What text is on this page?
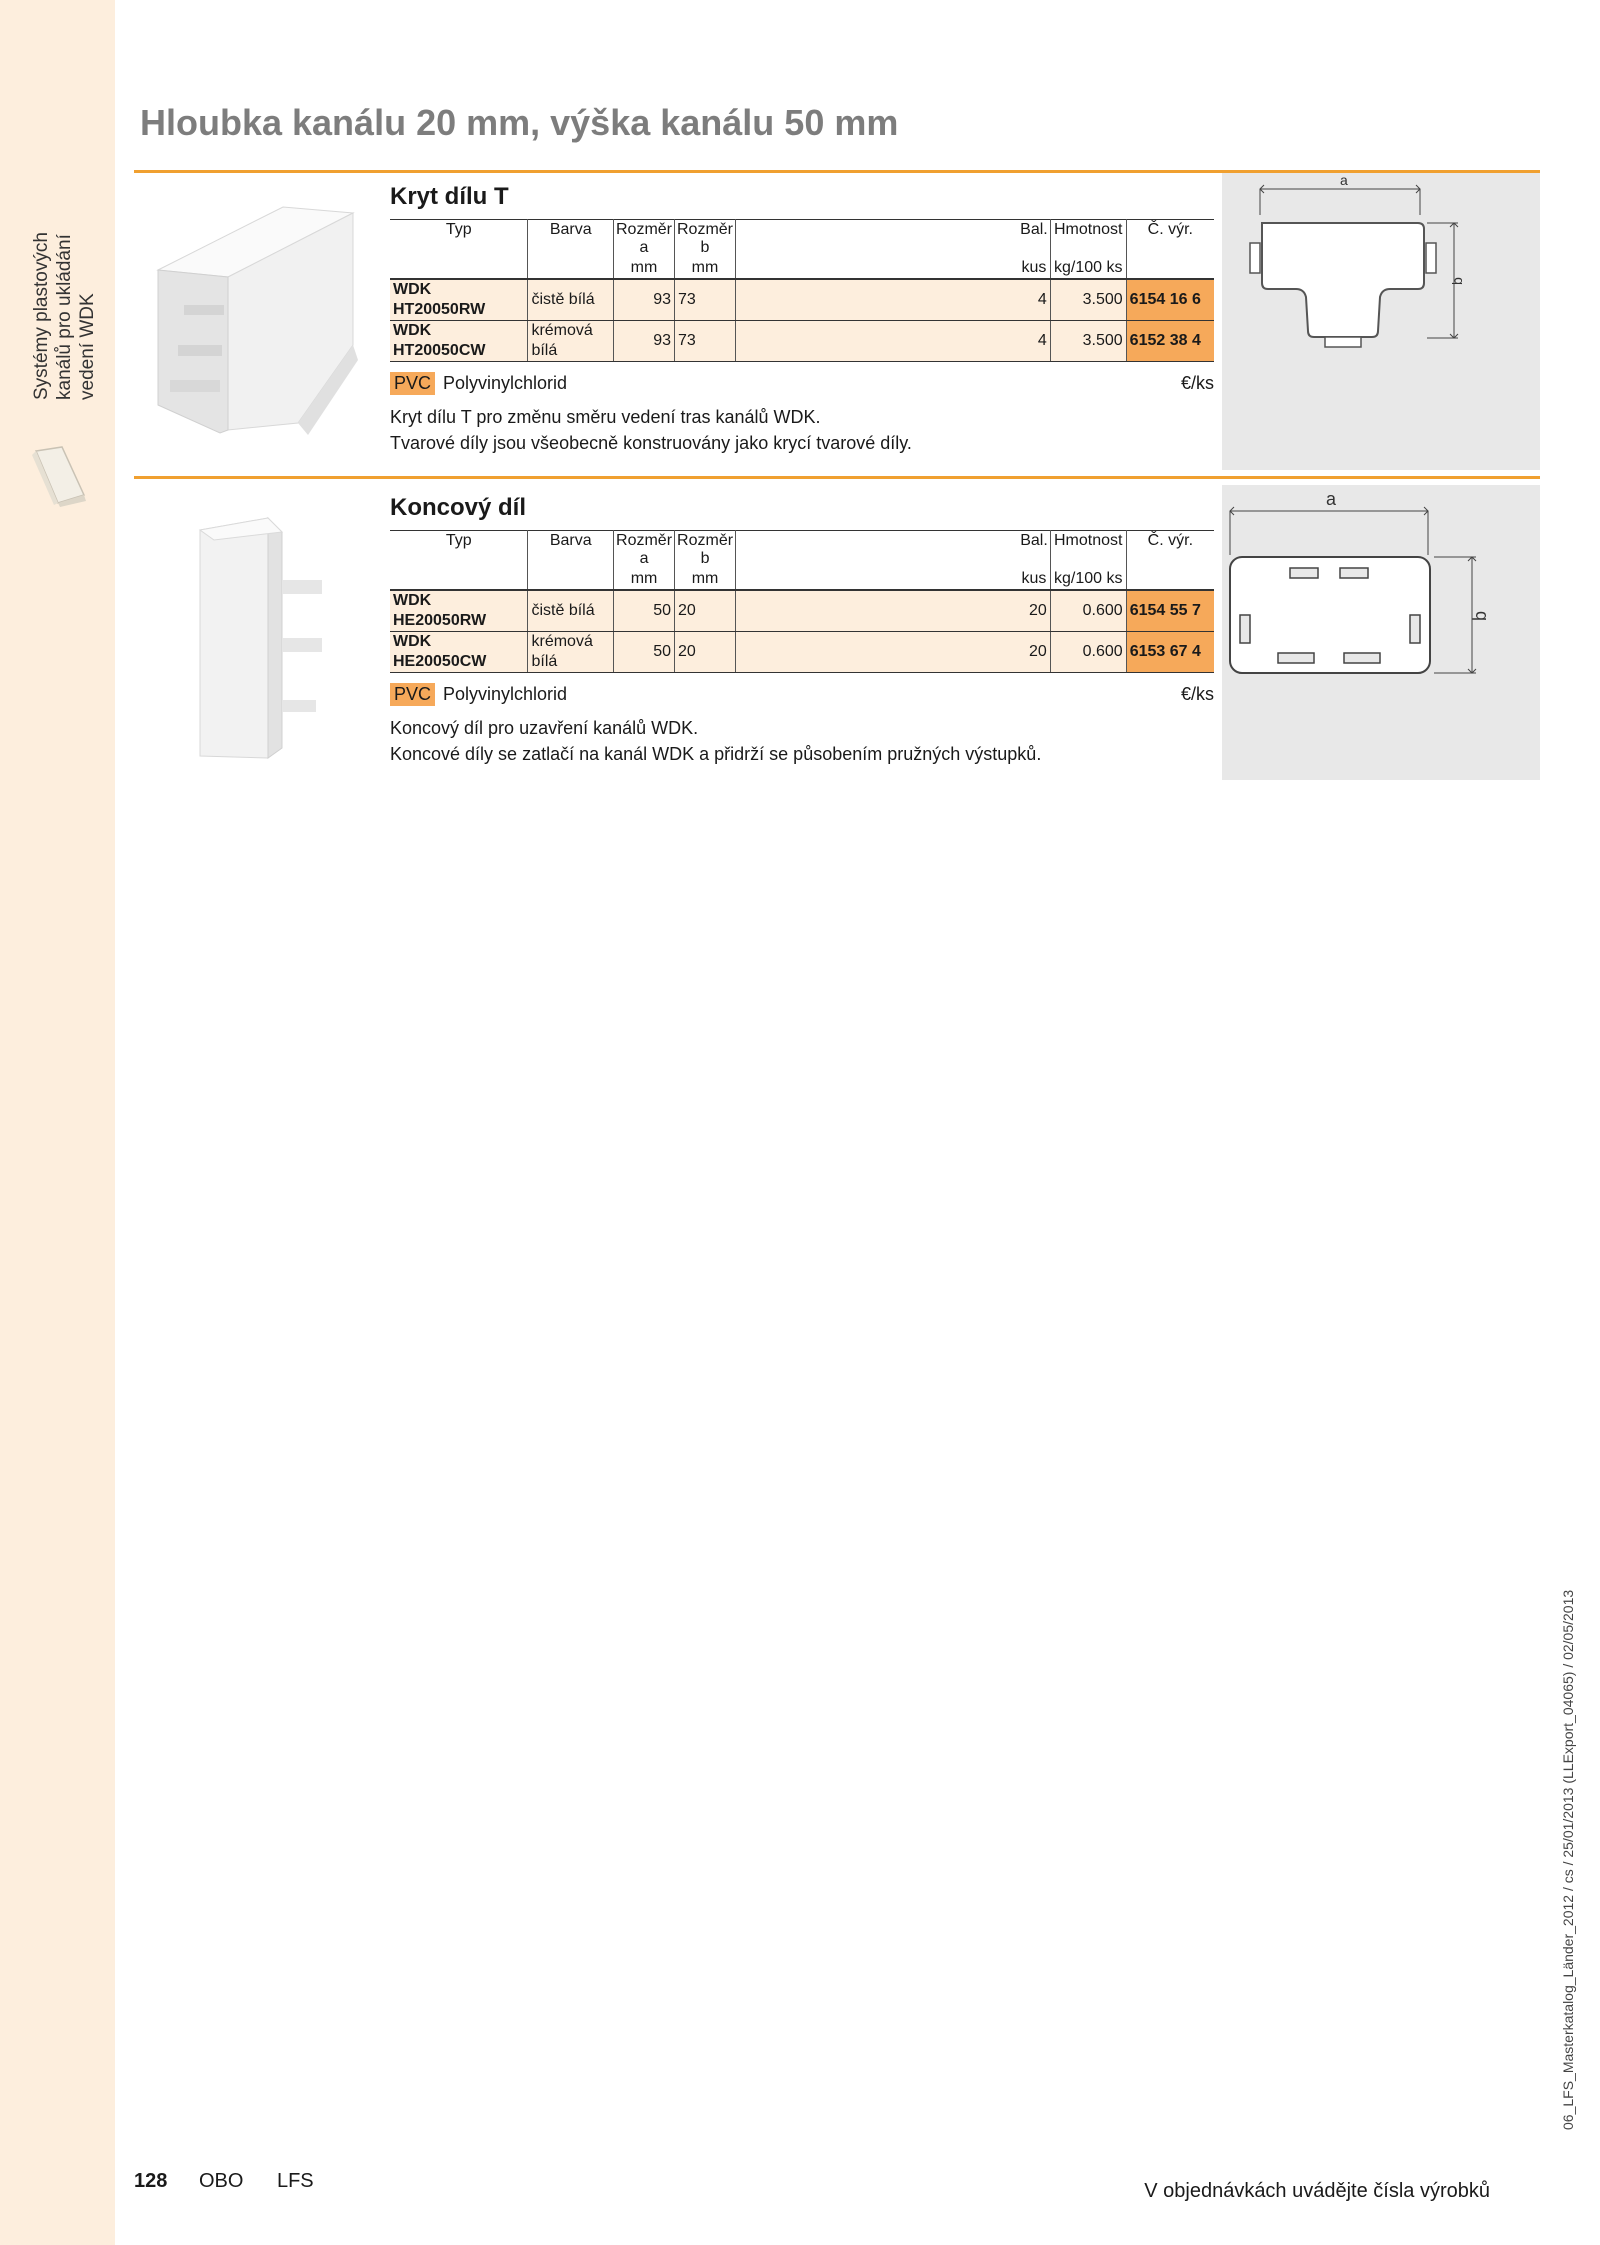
Systémy plastových
kanálů pro ukládání
vedení WDK
Hloubka kanálu 20 mm, výška kanálu 50 mm
Kryt dílu T
Typ	Barva	Rozměr a	Rozměr b		Bal.	Hmotnost	Č. výr.
		mm	mm		kus	kg/100 ks	
WDK HT20050RW	čistě bílá	93	73		4	3.500	6154 16 6
WDK HT20050CW	krémová bílá	93	73		4	3.500	6152 38 4
PVC Polyvinylchlorid	€/ks

Kryt dílu T pro změnu směru vedení tras kanálů WDK.

Tvarové díly jsou všeobecně konstruovány jako krycí tvarové díly.

a
b
Koncový díl
Typ	Barva	Rozměr a	Rozměr b		Bal.	Hmotnost	Č. výr.
		mm	mm		kus	kg/100 ks	
WDK HE20050RW	čistě bílá	50	20		20	0.600	6154 55 7
WDK HE20050CW	krémová bílá	50	20		20	0.600	6153 67 4
PVC Polyvinylchlorid	€/ks

Koncový díl pro uzavření kanálů WDK.

Koncové díly se zatlačí na kanál WDK a přidrží se působením pružných výstupků.

a
b
128 OBO LFS	V objednávkách uvádějte čísla výrobků
06_LFS_Masterkatalog_Länder_2012 / cs / 25/01/2013 (LLExport_04065) / 02/05/2013
